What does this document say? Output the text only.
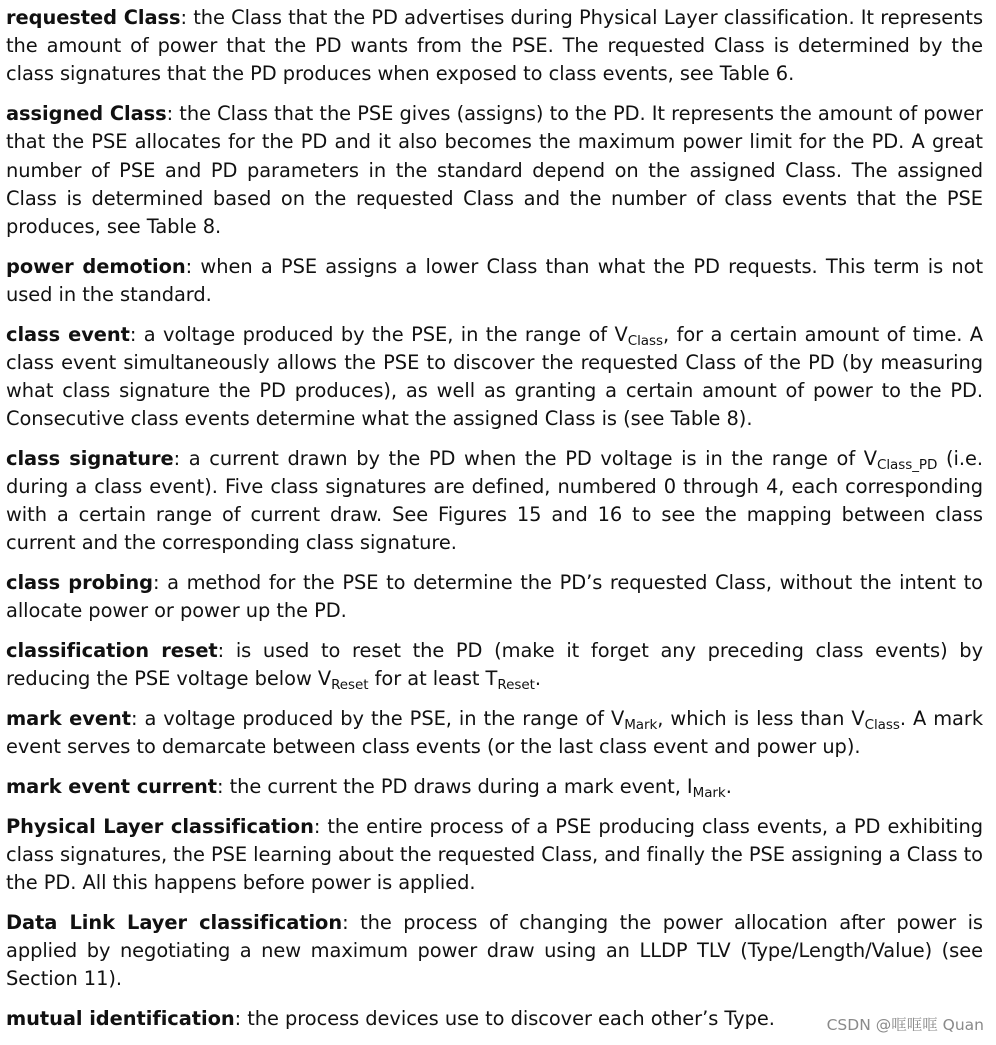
requested Class: the Class that the PD advertises during Physical Layer classification. It represents the amount of power that the PD wants from the PSE. The requested Class is determined by the class signatures that the PD produces when exposed to class events, see Table 6.

assigned Class: the Class that the PSE gives (assigns) to the PD. It represents the amount of power that the PSE allocates for the PD and it also becomes the maximum power limit for the PD. A great number of PSE and PD parameters in the standard depend on the assigned Class. The assigned Class is determined based on the requested Class and the number of class events that the PSE produces, see Table 8.

power demotion: when a PSE assigns a lower Class than what the PD requests. This term is not used in the standard.

class event: a voltage produced by the PSE, in the range of $V_{Class}$, for a certain amount of time. A class event simultaneously allows the PSE to discover the requested Class of the PD (by measuring what class signature the PD produces), as well as granting a certain amount of power to the PD. Consecutive class events determine what the assigned Class is (see Table 8).

class signature: a current drawn by the PD when the PD voltage is in the range of $V_{Class\_PD}$ (i.e. during a class event). Five class signatures are defined, numbered 0 through 4, each corresponding with a certain range of current draw. See Figures 15 and 16 to see the mapping between class current and the corresponding class signature.

class probing: a method for the PSE to determine the PD’s requested Class, without the intent to allocate power or power up the PD.

classification reset: is used to reset the PD (make it forget any preceding class events) by reducing the PSE voltage below $V_{Reset}$ for at least $T_{Reset}$.

mark event: a voltage produced by the PSE, in the range of $V_{Mark}$, which is less than $V_{Class}$. A mark event serves to demarcate between class events (or the last class event and power up).

mark event current: the current the PD draws during a mark event, $I_{Mark}$.

Physical Layer classification: the entire process of a PSE producing class events, a PD exhibiting class signatures, the PSE learning about the requested Class, and finally the PSE assigning a Class to the PD. All this happens before power is applied.

Data Link Layer classification: the process of changing the power allocation after power is applied by negotiating a new maximum power draw using an LLDP TLV (Type/Length/Value) (see Section 11).

mutual identification: the process devices use to discover each other’s Type.	CSDN @哐哐哐 Quan
